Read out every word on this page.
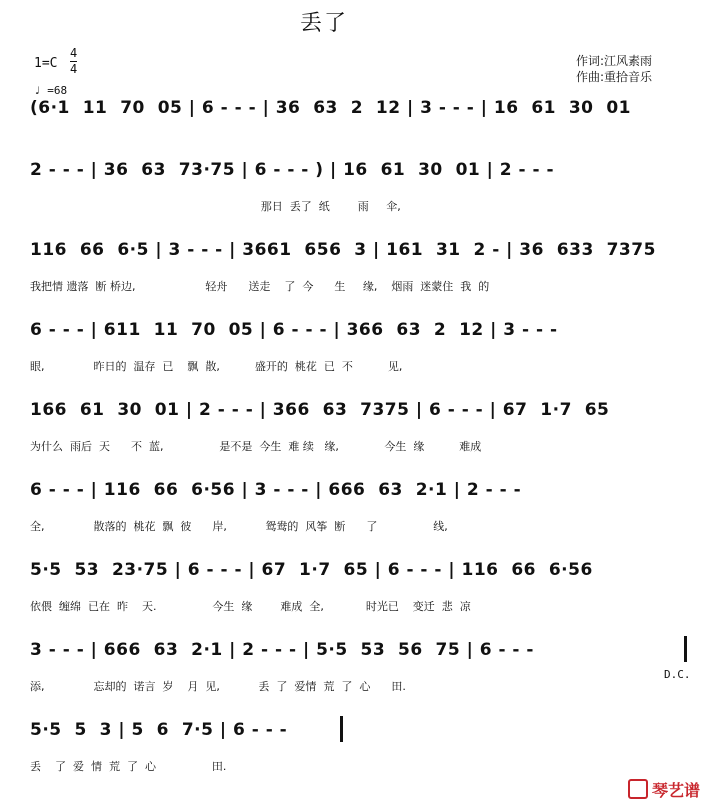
丢了
1=C
4
4
♩ =68
作词:江风素雨
作曲:重拾音乐
(6·1  11  70  05 | 6 - - - | 36  63  2  12 | 3 - - - | 16  61  30  01
2 - - - | 36  63  73·75 | 6 - - - ) | 16  61  30  01 | 2 - - -
那日  丢了  纸        雨     伞,
116  66  6·5 | 3 - - - | 3661  656  3 | 161  31  2 - | 36  633  7375
我把情 遗落  断 桥边,                    轻舟      送走    了  今      生     缘,    烟雨  迷蒙住  我  的
6 - - - | 611  11  70  05 | 6 - - - | 366  63  2  12 | 3 - - -
眼,              昨日的  温存  已    飘  散,          盛开的  桃花  已  不          见,
166  61  30  01 | 2 - - - | 366  63  7375 | 6 - - - | 67  1·7  65
为什么  雨后  天      不  蓝,                是不是  今生  难 续   缘,             今生  缘          难成
6 - - - | 116  66  6·56 | 3 - - - | 666  63  2·1 | 2 - - -
全,              散落的  桃花  飘  彼      岸,           鸳鸯的  风筝  断      了                线,
5·5  53  23·75 | 6 - - - | 67  1·7  65 | 6 - - - | 116  66  6·56
依偎  缠绵  已在  昨    天.                今生  缘        难成  全,            时光已    变迁  悲  凉
3 - - - | 666  63  2·1 | 2 - - - | 5·5  53  56  75 | 6 - - -
添,              忘却的  诺言  岁    月  见,           丢  了  爱情  荒  了  心      田.
5·5  5  3 | 5  6  7·5 | 6 - - -
丢    了  爱  情  荒  了  心                田.
D.C.
琴艺谱
